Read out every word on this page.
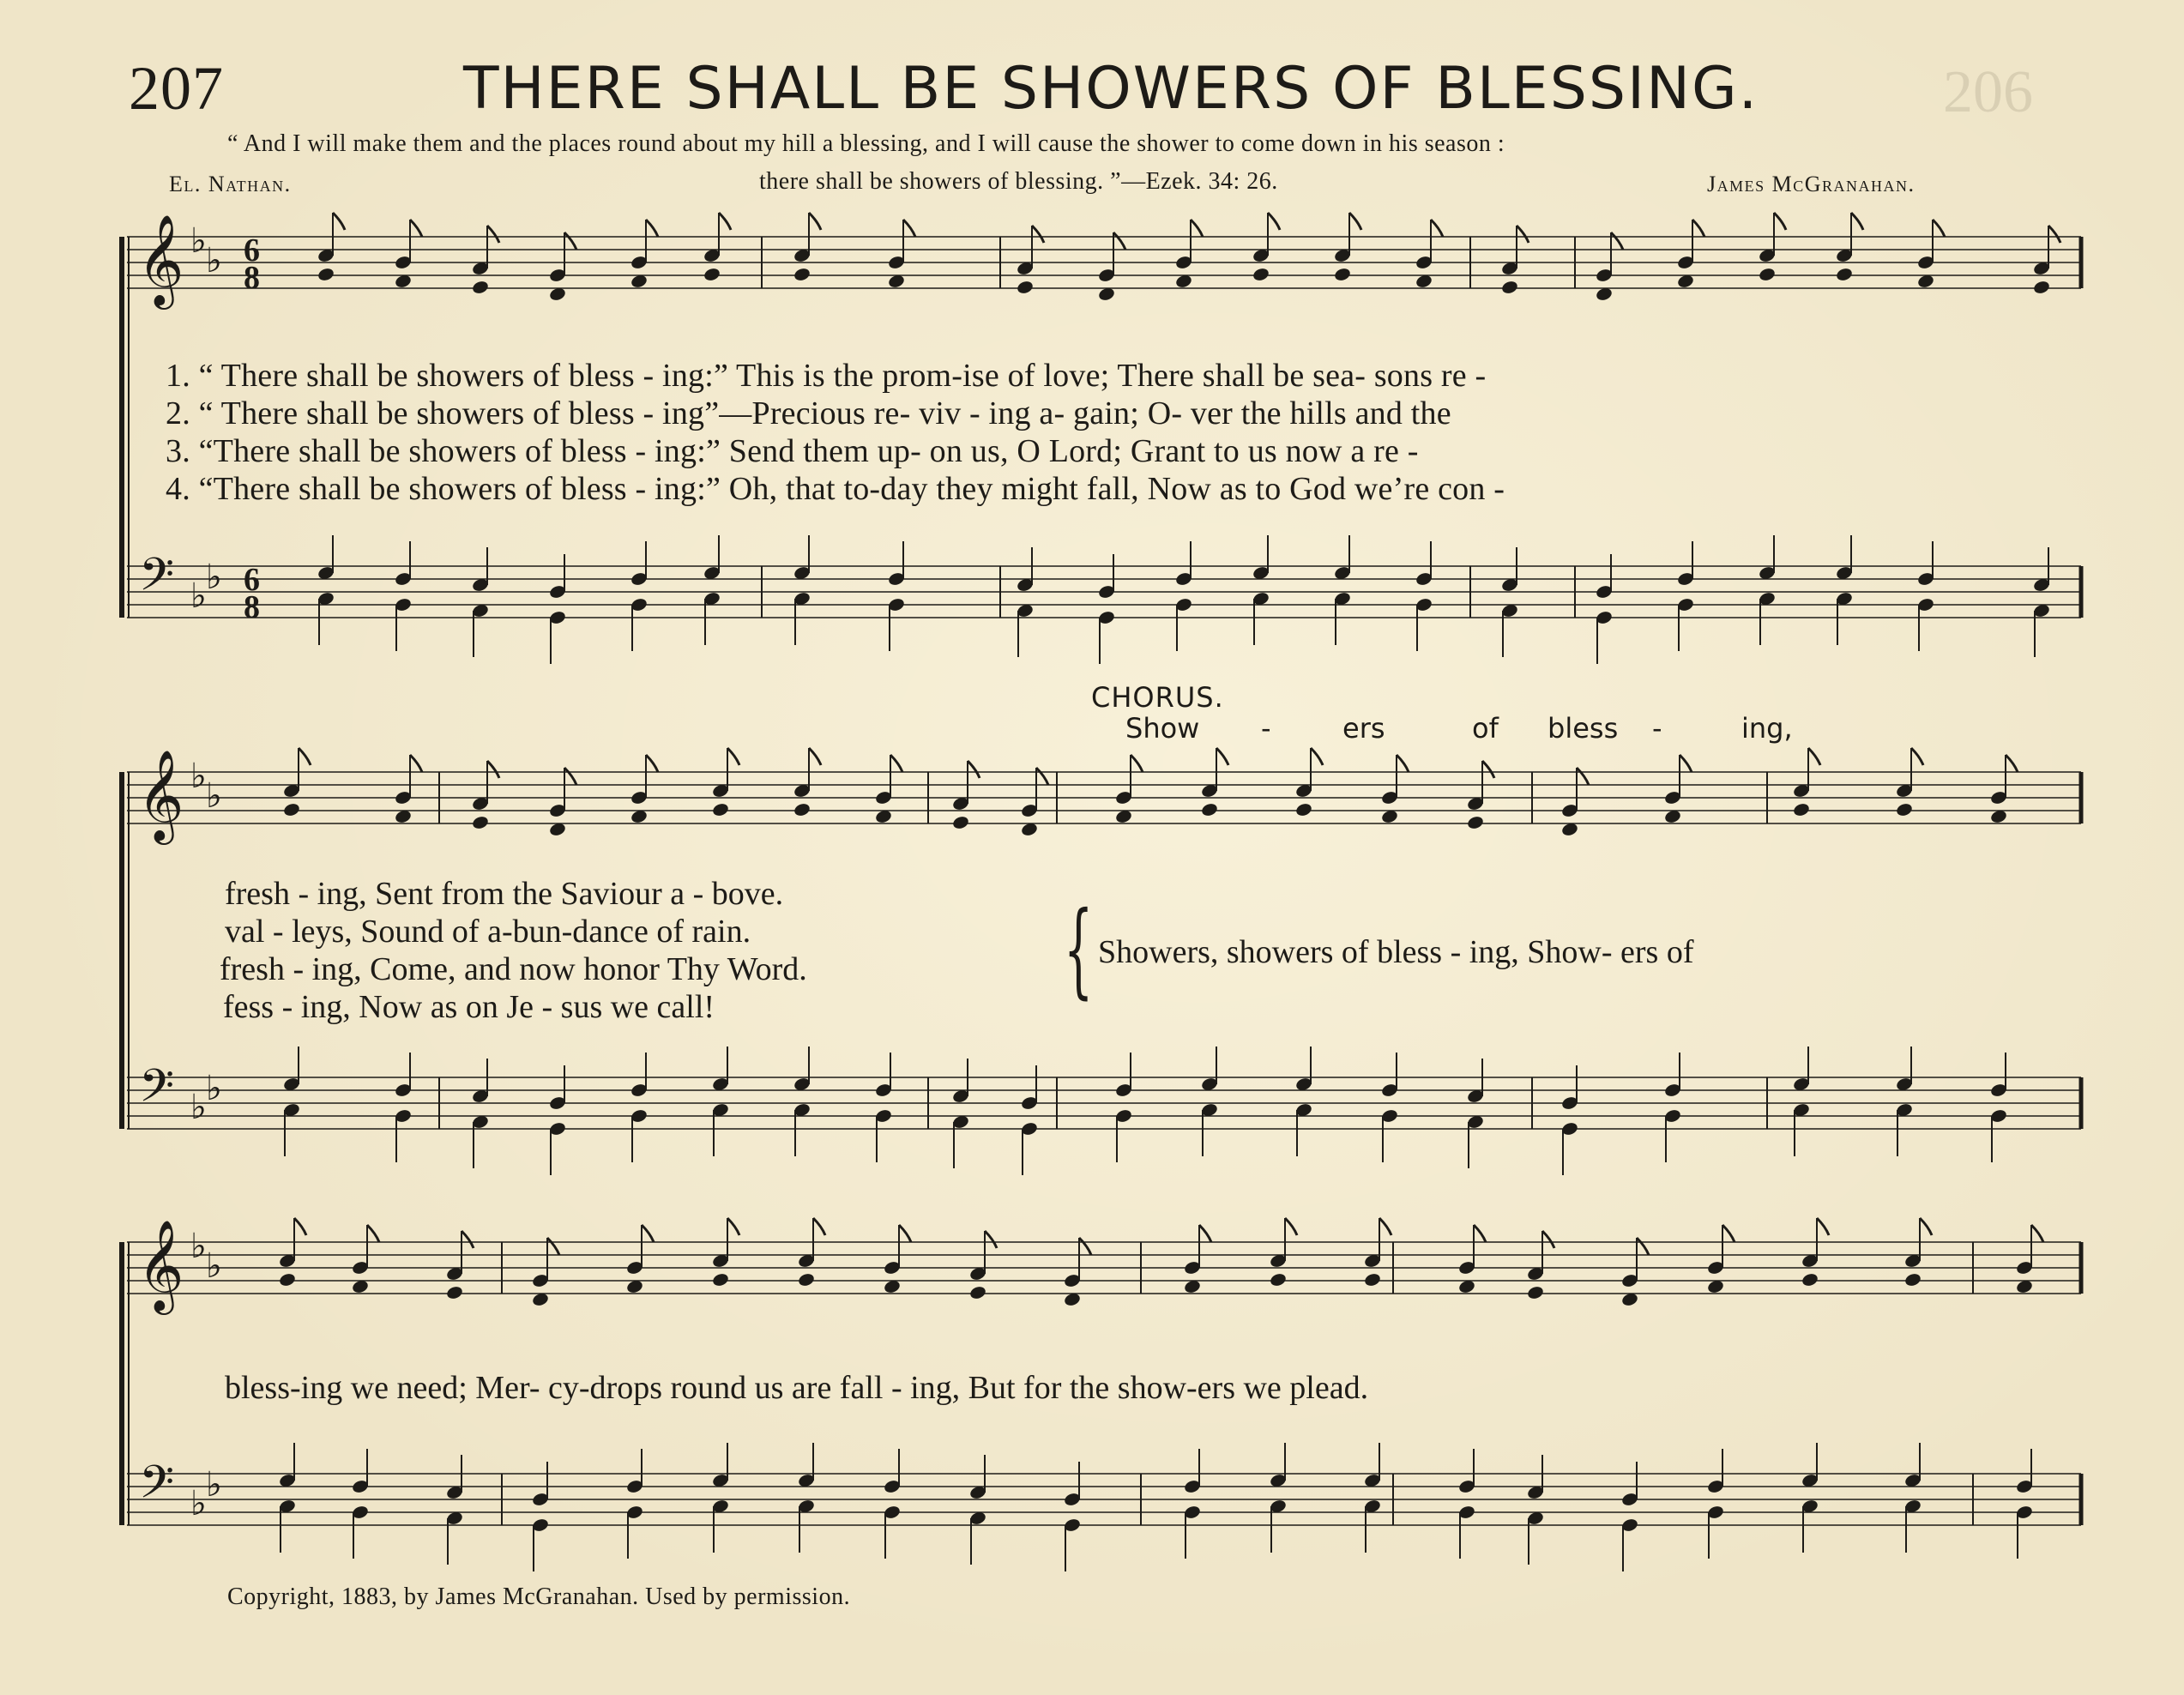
207	THERE SHALL BE SHOWERS OF BLESSING.	206
“ And I will make them and the places round about my hill a blessing, and I will cause the shower to come down in his season :
El. Nathan.	there shall be showers of blessing. ”—Ezek. 34: 26.	James McGranahan.
𝄞 ♭ ♭ 6
8
𝄢 ♭ ♭ 6
8
𝄞 ♭ ♭
𝄢 ♭ ♭
𝄞 ♭ ♭
𝄢 ♭ ♭
1. “ There shall be showers of bless - ing:” This is the prom-ise of love; There shall be sea- sons re -
2. “ There shall be showers of bless - ing”—Precious re- viv - ing a- gain; O- ver the hills and the
3. “There shall be showers of bless - ing:” Send them up- on us, O Lord; Grant to us now a re -
4. “There shall be showers of bless - ing:” Oh, that to-day they might fall, Now as to God we’re con -
CHORUS.
Show -	ers	of bless -	ing,
fresh - ing, Sent from the Saviour a - bove.
val - leys, Sound of a-bun-dance of rain.
fresh - ing, Come, and now honor Thy Word.
fess - ing, Now as on Je - sus we call!	{ Showers, showers of bless - ing, Show- ers of
bless-ing we need; Mer- cy-drops round us are fall - ing, But for the show-ers we plead.
Copyright, 1883, by James McGranahan. Used by permission.
